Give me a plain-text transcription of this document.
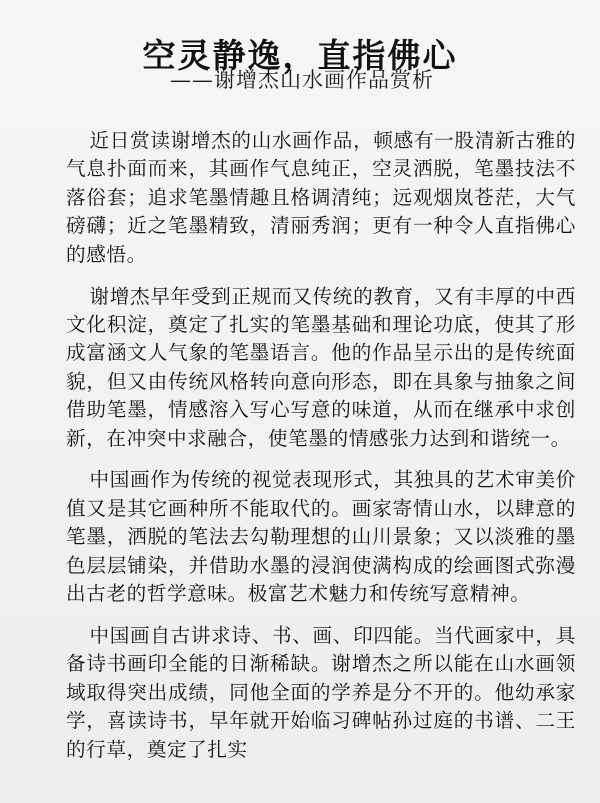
空灵静逸，直指佛心
——谢增杰山水画作品赏析

近日赏读谢增杰的山水画作品，顿感有一股清新古雅的气息扑面而来，其画作气息纯正，空灵洒脱，笔墨技法不落俗套；追求笔墨情趣且格调清纯；远观烟岚苍茫，大气磅礴；近之笔墨精致，清丽秀润；更有一种令人直指佛心的感悟。

谢增杰早年受到正规而又传统的教育，又有丰厚的中西文化积淀，奠定了扎实的笔墨基础和理论功底，使其了形成富涵文人气象的笔墨语言。他的作品呈示出的是传统面貌，但又由传统风格转向意向形态，即在具象与抽象之间借助笔墨，情感溶入写心写意的味道，从而在继承中求创新，在冲突中求融合，使笔墨的情感张力达到和谐统一。

中国画作为传统的视觉表现形式，其独具的艺术审美价值又是其它画种所不能取代的。画家寄情山水，以肆意的笔墨，洒脱的笔法去勾勒理想的山川景象；又以淡雅的墨色层层铺染，并借助水墨的浸润使满构成的绘画图式弥漫出古老的哲学意味。极富艺术魅力和传统写意精神。

中国画自古讲求诗、书、画、印四能。当代画家中，具备诗书画印全能的日渐稀缺。谢增杰之所以能在山水画领域取得突出成绩，同他全面的学养是分不开的。他幼承家学，喜读诗书，早年就开始临习碑帖孙过庭的书谱、二王的行草，奠定了扎实
